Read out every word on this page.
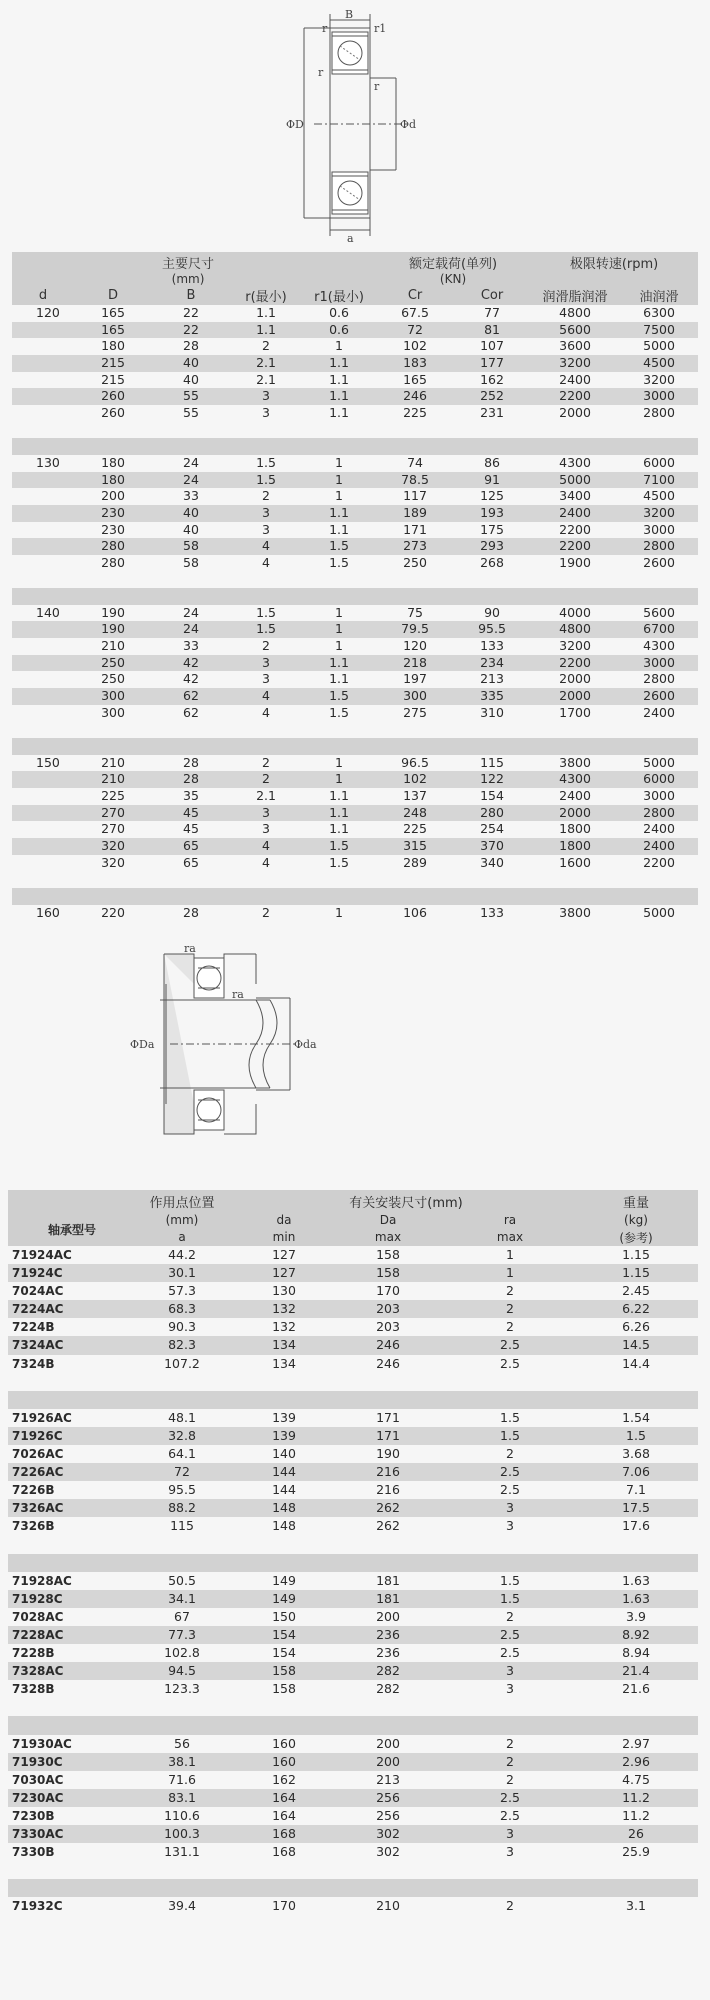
B
r	r1
r
r
ΦD	Φd
a
	主要尺寸				额定载荷(单列)		极限转速(rpm)	
	(mm)				(KN)			
d	D	B	r(最小)	r1(最小)	Cr	Cor	润滑脂润滑	油润滑
120	165	22	1.1	0.6	67.5	77	4800	6300
	165	22	1.1	0.6	72	81	5600	7500
	180	28	2	1	102	107	3600	5000
	215	40	2.1	1.1	183	177	3200	4500
	215	40	2.1	1.1	165	162	2400	3200
	260	55	3	1.1	246	252	2200	3000
	260	55	3	1.1	225	231	2000	2800

130	180	24	1.5	1	74	86	4300	6000
	180	24	1.5	1	78.5	91	5000	7100
	200	33	2	1	117	125	3400	4500
	230	40	3	1.1	189	193	2400	3200
	230	40	3	1.1	171	175	2200	3000
	280	58	4	1.5	273	293	2200	2800
	280	58	4	1.5	250	268	1900	2600

140	190	24	1.5	1	75	90	4000	5600
	190	24	1.5	1	79.5	95.5	4800	6700
	210	33	2	1	120	133	3200	4300
	250	42	3	1.1	218	234	2200	3000
	250	42	3	1.1	197	213	2000	2800
	300	62	4	1.5	300	335	2000	2600
	300	62	4	1.5	275	310	1700	2400

150	210	28	2	1	96.5	115	3800	5000
	210	28	2	1	102	122	4300	6000
	225	35	2.1	1.1	137	154	2400	3000
	270	45	3	1.1	248	280	2000	2800
	270	45	3	1.1	225	254	1800	2400
	320	65	4	1.5	315	370	1800	2400
	320	65	4	1.5	289	340	1600	2200

160	220	28	2	1	106	133	3800	5000
ra
ra
ΦDa	Φda
	作用点位置	有关安装尺寸(mm)			重量
轴承型号	(mm)	da	Da	ra	(kg)
	a	min	max	max	(参考)
71924AC	44.2	127	158	1	1.15
71924C	30.1	127	158	1	1.15
7024AC	57.3	130	170	2	2.45
7224AC	68.3	132	203	2	6.22
7224B	90.3	132	203	2	6.26
7324AC	82.3	134	246	2.5	14.5
7324B	107.2	134	246	2.5	14.4

71926AC	48.1	139	171	1.5	1.54
71926C	32.8	139	171	1.5	1.5
7026AC	64.1	140	190	2	3.68
7226AC	72	144	216	2.5	7.06
7226B	95.5	144	216	2.5	7.1
7326AC	88.2	148	262	3	17.5
7326B	115	148	262	3	17.6

71928AC	50.5	149	181	1.5	1.63
71928C	34.1	149	181	1.5	1.63
7028AC	67	150	200	2	3.9
7228AC	77.3	154	236	2.5	8.92
7228B	102.8	154	236	2.5	8.94
7328AC	94.5	158	282	3	21.4
7328B	123.3	158	282	3	21.6

71930AC	56	160	200	2	2.97
71930C	38.1	160	200	2	2.96
7030AC	71.6	162	213	2	4.75
7230AC	83.1	164	256	2.5	11.2
7230B	110.6	164	256	2.5	11.2
7330AC	100.3	168	302	3	26
7330B	131.1	168	302	3	25.9

71932C	39.4	170	210	2	3.1
